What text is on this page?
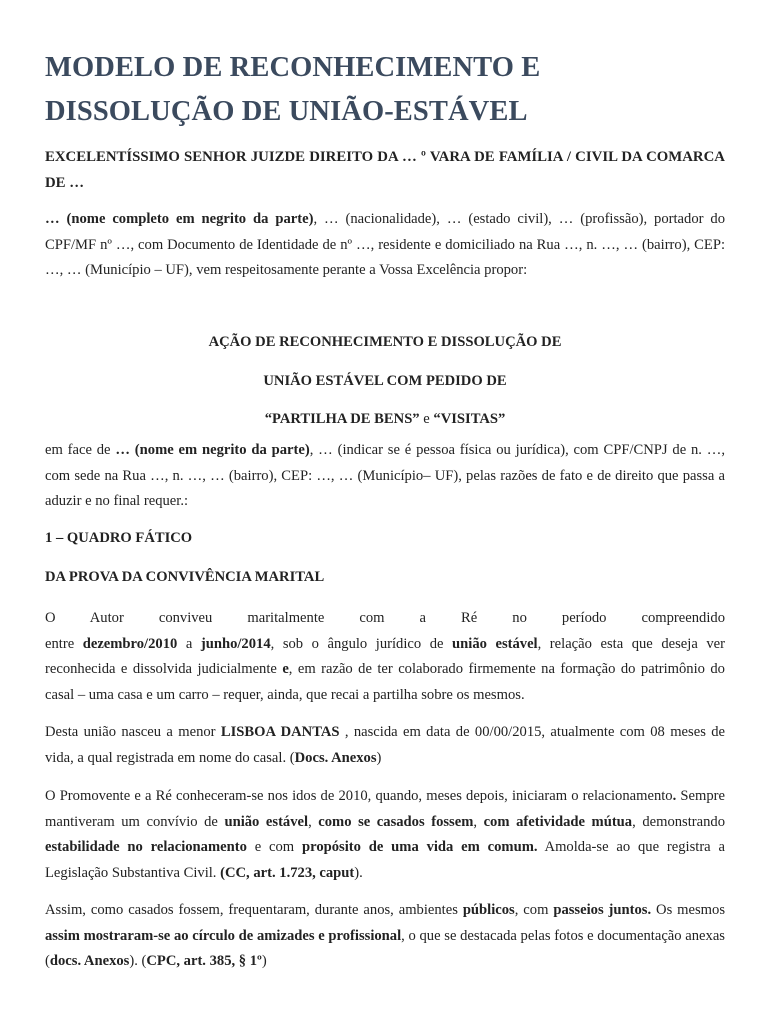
MODELO DE RECONHECIMENTO E
DISSOLUÇÃO DE UNIÃO-ESTÁVEL
EXCELENTÍSSIMO SENHOR JUIZDE DIREITO DA … º VARA DE FAMÍLIA / CIVIL DA COMARCA DE …
… (nome completo em negrito da parte), … (nacionalidade), … (estado civil), … (profissão), portador do CPF/MF nº …, com Documento de Identidade de nº …, residente e domiciliado na Rua …, n. …, … (bairro), CEP: …, … (Município – UF), vem respeitosamente perante a Vossa Excelência propor:
AÇÃO DE RECONHECIMENTO E DISSOLUÇÃO DE
UNIÃO ESTÁVEL COM PEDIDO DE
“PARTILHA DE BENS” e “VISITAS”
em face de … (nome em negrito da parte), … (indicar se é pessoa física ou jurídica), com CPF/CNPJ de n. …, com sede na Rua …, n. …, … (bairro), CEP: …, … (Município– UF), pelas razões de fato e de direito que passa a aduzir e no final requer.:
1 – QUADRO FÁTICO
DA PROVA DA CONVIVÊNCIA MARITAL
O Autor conviveu maritalmente com a Ré no período compreendido
entre dezembro/2010 a junho/2014, sob o ângulo jurídico de união estável, relação esta que deseja ver reconhecida e dissolvida judicialmente e, em razão de ter colaborado firmemente na formação do patrimônio do casal – uma casa e um carro – requer, ainda, que recai a partilha sobre os mesmos.
Desta união nasceu a menor LISBOA DANTAS , nascida em data de 00/00/2015, atualmente com 08 meses de vida, a qual registrada em nome do casal. (Docs. Anexos)
O Promovente e a Ré conheceram-se nos idos de 2010, quando, meses depois, iniciaram o relacionamento. Sempre mantiveram um convívio de união estável, como se casados fossem, com afetividade mútua, demonstrando estabilidade no relacionamento e com propósito de uma vida em comum. Amolda-se ao que registra a Legislação Substantiva Civil. (CC, art. 1.723, caput).
Assim, como casados fossem, frequentaram, durante anos, ambientes públicos, com passeios juntos. Os mesmos assim mostraram-se ao círculo de amizades e profissional, o que se destacada pelas fotos e documentação anexas (docs. Anexos). (CPC, art. 385, § 1º)
